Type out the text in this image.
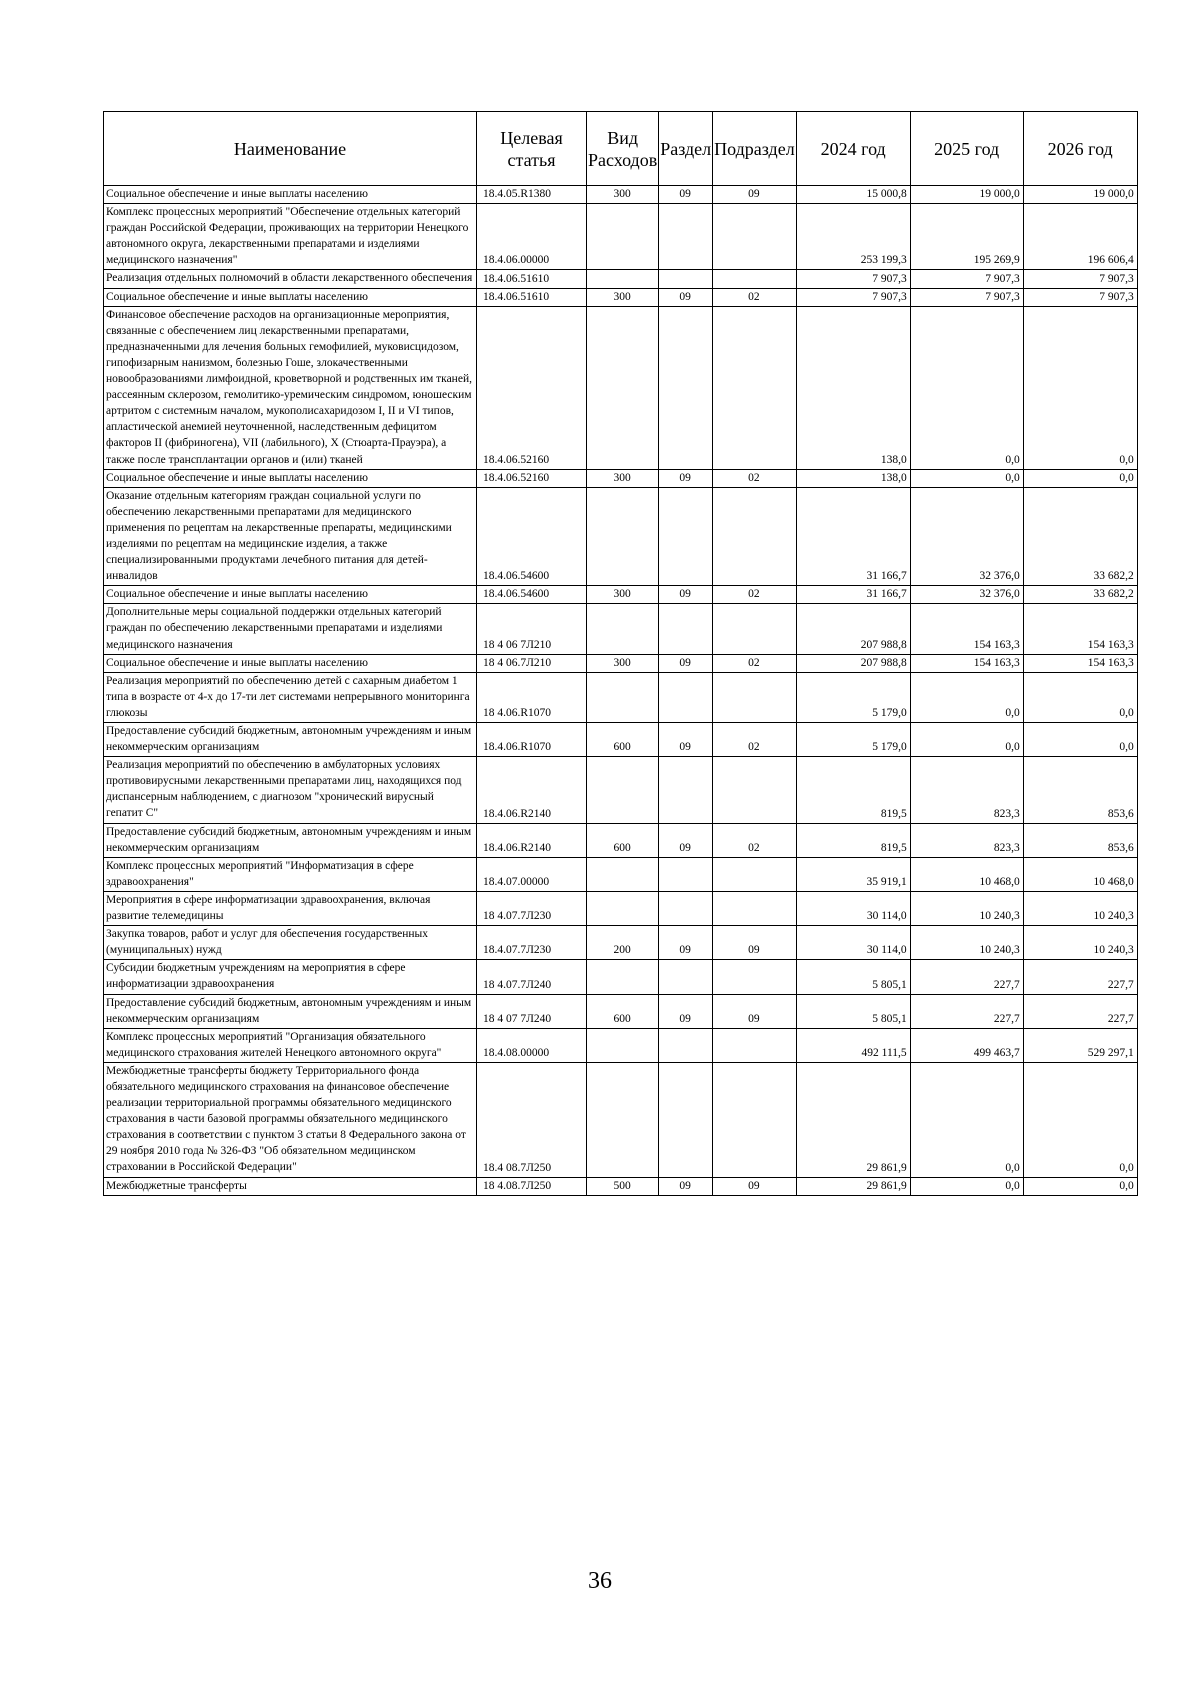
Наименование	Целевая статья	Вид Расходов	Раздел	Подраздел	2024 год	2025 год	2026 год
Социальное обеспечение и иные выплаты населению	18.4.05.R1380	300	09	09	15 000,8	19 000,0	19 000,0
Комплекс процессных мероприятий "Обеспечение отдельных категорий граждан Российской Федерации, проживающих на территории Ненецкого автономного округа, лекарственными препаратами и изделиями медицинского назначения"	18.4.06.00000				253 199,3	195 269,9	196 606,4
Реализация отдельных полномочий в области лекарственного обеспечения	18.4.06.51610				7 907,3	7 907,3	7 907,3
Социальное обеспечение и иные выплаты населению	18.4.06.51610	300	09	02	7 907,3	7 907,3	7 907,3
Финансовое обеспечение расходов на организационные мероприятия, связанные с обеспечением лиц лекарственными препаратами, предназначенными для лечения больных гемофилией, муковисцидозом, гипофизарным нанизмом, болезнью Гоше, злокачественными новообразованиями лимфоидной, кроветворной и родственных им тканей, рассеянным склерозом, гемолитико-уремическим синдромом, юношеским артритом с системным началом, мукополисахаридозом I, II и VI типов, апластической анемией неуточненной, наследственным дефицитом факторов II (фибриногена), VII (лабильного), X (Стюарта-Прауэра), а также после трансплантации органов и (или) тканей	18.4.06.52160				138,0	0,0	0,0
Социальное обеспечение и иные выплаты населению	18.4.06.52160	300	09	02	138,0	0,0	0,0
Оказание отдельным категориям граждан социальной услуги по обеспечению лекарственными препаратами для медицинского применения по рецептам на лекарственные препараты, медицинскими изделиями по рецептам на медицинские изделия, а также специализированными продуктами лечебного питания для детей-инвалидов	18.4.06.54600				31 166,7	32 376,0	33 682,2
Социальное обеспечение и иные выплаты населению	18.4.06.54600	300	09	02	31 166,7	32 376,0	33 682,2
Дополнительные меры социальной поддержки отдельных категорий граждан по обеспечению лекарственными препаратами и изделиями медицинского назначения	18 4 06 7Л210				207 988,8	154 163,3	154 163,3
Социальное обеспечение и иные выплаты населению	18 4 06.7Л210	300	09	02	207 988,8	154 163,3	154 163,3
Реализация мероприятий по обеспечению детей с сахарным диабетом 1 типа в возрасте от 4-х до 17-ти лет системами непрерывного мониторинга глюкозы	18 4.06.R1070				5 179,0	0,0	0,0
Предоставление субсидий бюджетным, автономным учреждениям и иным некоммерческим организациям	18.4.06.R1070	600	09	02	5 179,0	0,0	0,0
Реализация мероприятий по обеспечению в амбулаторных условиях противовирусными лекарственными препаратами лиц, находящихся под диспансерным наблюдением, с диагнозом "хронический вирусный гепатит С"	18.4.06.R2140				819,5	823,3	853,6
Предоставление субсидий бюджетным, автономным учреждениям и иным некоммерческим организациям	18.4.06.R2140	600	09	02	819,5	823,3	853,6
Комплекс процессных мероприятий "Информатизация в сфере здравоохранения"	18.4.07.00000				35 919,1	10 468,0	10 468,0
Мероприятия в сфере информатизации здравоохранения, включая развитие телемедицины	18 4.07.7Л230				30 114,0	10 240,3	10 240,3
Закупка товаров, работ и услуг для обеспечения государственных (муниципальных) нужд	18.4.07.7Л230	200	09	09	30 114,0	10 240,3	10 240,3
Субсидии бюджетным учреждениям на мероприятия в сфере информатизации здравоохранения	18 4.07.7Л240				5 805,1	227,7	227,7
Предоставление субсидий бюджетным, автономным учреждениям и иным некоммерческим организациям	18 4 07 7Л240	600	09	09	5 805,1	227,7	227,7
Комплекс процессных мероприятий "Организация обязательного медицинского страхования жителей Ненецкого автономного округа"	18.4.08.00000				492 111,5	499 463,7	529 297,1
Межбюджетные трансферты бюджету Территориального фонда обязательного медицинского страхования на финансовое обеспечение реализации территориальной программы обязательного медицинского страхования в части базовой программы обязательного медицинского страхования в соответствии с пунктом 3 статьи 8 Федерального закона от 29 ноября 2010 года № 326-ФЗ "Об обязательном медицинском страховании в Российской Федерации"	18.4 08.7Л250				29 861,9	0,0	0,0
Межбюджетные трансферты	18 4.08.7Л250	500	09	09	29 861,9	0,0	0,0
36
